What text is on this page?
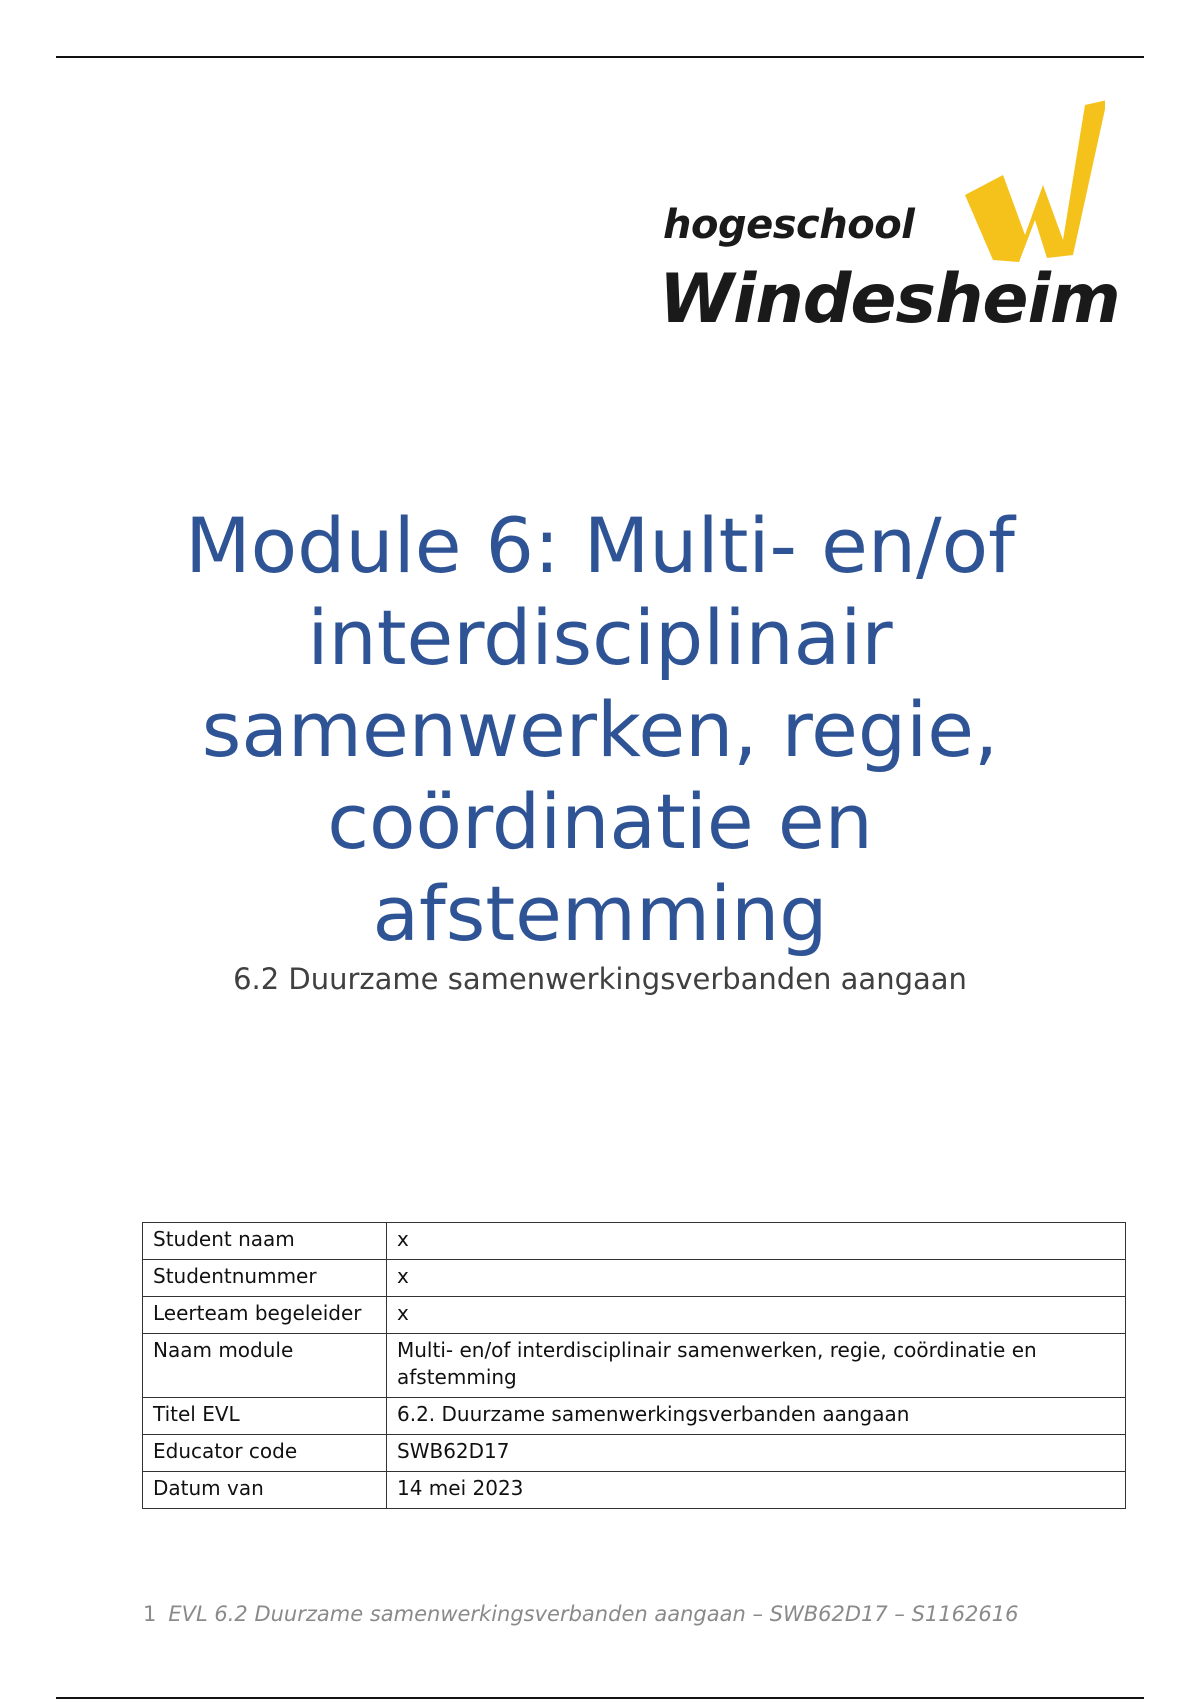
hogeschool
Windesheim
Module 6: Multi- en/of interdisciplinair samenwerken, regie, coördinatie en afstemming

6.2 Duurzame samenwerkingsverbanden aangaan

Student naam	x
Studentnummer	x
Leerteam begeleider	x
Naam module	Multi- en/of interdisciplinair samenwerken, regie, coördinatie en afstemming
Titel EVL	6.2. Duurzame samenwerkingsverbanden aangaan
Educator code	SWB62D17
Datum van	14 mei 2023
1 EVL 6.2 Duurzame samenwerkingsverbanden aangaan – SWB62D17 – S1162616
